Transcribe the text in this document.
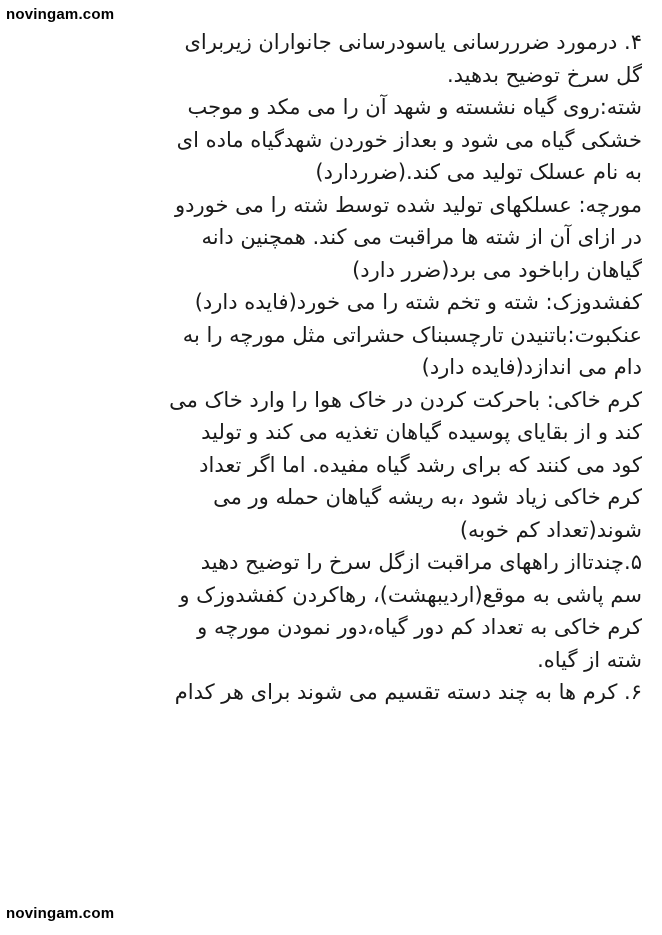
novingam.com
۴. درمورد ضرررسانی یاسودرسانی جانواران زیربرای
گل سرخ توضیح بدهید.
شته:روی گیاه نشسته و شهد آن را می مکد و موجب
خشکی گیاه می شود و بعداز خوردن شهدگیاه ماده ای
به نام عسلک تولید می کند.(ضرردارد)
مورچه: عسلکهای تولید شده توسط شته را می خوردو
در ازای آن از شته ها مراقبت می کند. همچنین دانه
گیاهان راباخود می برد(ضرر دارد)
کفشدوزک: شته و تخم شته را می خورد(فایده دارد)
عنکبوت:باتنیدن تارچسبناک حشراتی مثل مورچه را به
دام می اندازد(فایده دارد)
کرم خاکی: باحرکت کردن در خاک هوا را وارد خاک می
کند و از بقایای پوسیده گیاهان تغذیه می کند و تولید
کود می کنند که برای رشد گیاه مفیده. اما اگر تعداد
کرم خاکی زیاد شود ،به ریشه گیاهان حمله ور می
شوند(تعداد کم خوبه)
۵.چندتااز راههای مراقبت ازگل سرخ را توضیح دهید
سم پاشی به موقع(اردیبهشت)، رهاکردن کفشدوزک و
کرم خاکی به تعداد کم دور گیاه،دور نمودن مورچه و
شته از گیاه.
۶. کرم ها به چند دسته تقسیم می شوند برای هر کدام
novingam.com
